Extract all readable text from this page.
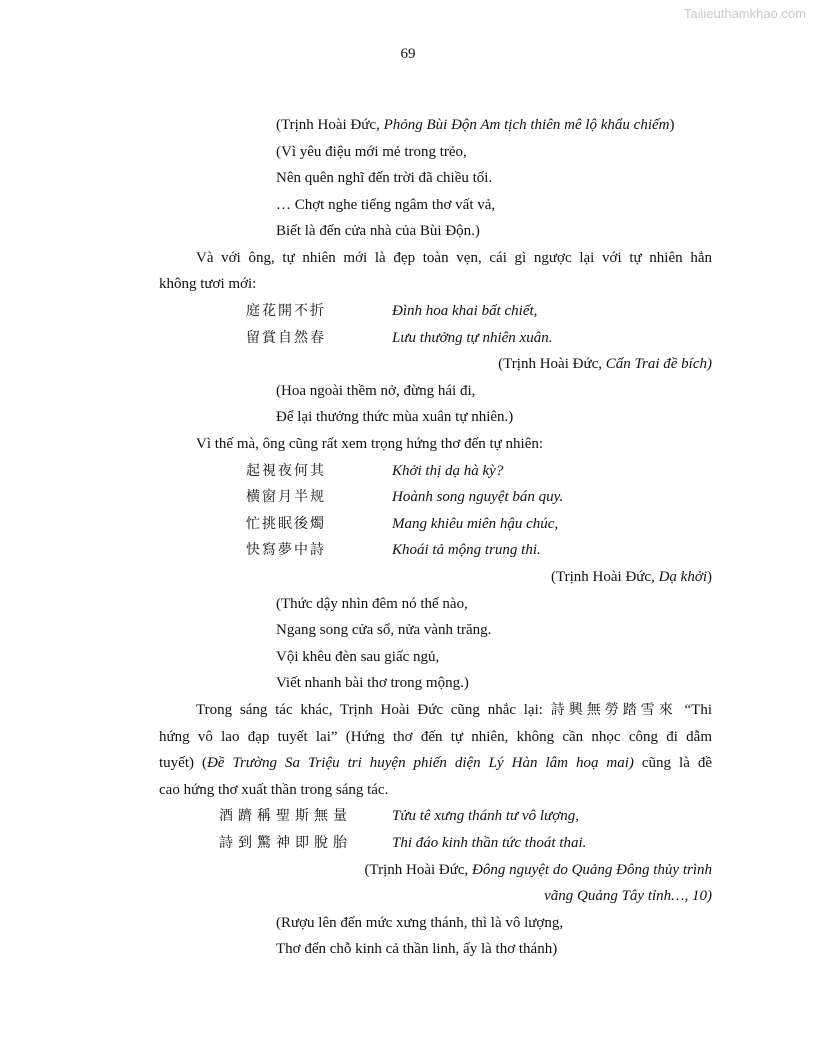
Tailieuthamkhao.com
69
(Trịnh Hoài Đức, Phỏng Bùi Độn Am tịch thiên mê lộ khẩu chiếm)
(Vì yêu điệu mới mẻ trong trẻo,
Nên quên nghĩ đến trời đã chiều tối.
… Chợt nghe tiếng ngâm thơ vất vả,
Biết là đến cửa nhà của Bùi Độn.)
Và với ông, tự nhiên mới là đẹp toàn vẹn, cái gì ngược lại với tự nhiên hẳn
không tươi mới:
庭花開不折	Đình hoa khai bất chiết,
留賞自然春	Lưu thưởng tự nhiên xuân.
(Trịnh Hoài Đức, Cấn Trai đề bích)
(Hoa ngoài thềm nở, đừng hái đi,
Để lại thưởng thức mùa xuân tự nhiên.)
Vì thế mà, ông cũng rất xem trọng hứng thơ đến tự nhiên:
起視夜何其	Khởi thị dạ hà kỳ?
横窗月半规	Hoành song nguyệt bán quy.
忙挑眠後燭	Mang khiêu miên hậu chúc,
快寫夢中詩	Khoái tả mộng trung thi.
(Trịnh Hoài Đức, Dạ khởi)
(Thức dậy nhìn đêm nó thế nào,
Ngang song cửa sổ, nửa vành trăng.
Vội khêu đèn sau giấc ngủ,
Viết nhanh bài thơ trong mộng.)
Trong sáng tác khác, Trịnh Hoài Đức cũng nhắc lại: 詩興無勞踏雪來 “Thi
hứng vô lao đạp tuyết lai” (Hứng thơ đến tự nhiên, không cần nhọc công đi dẫm
tuyết) (Đề Trường Sa Triệu tri huyện phiến diện Lý Hàn lâm hoạ mai) cũng là đề
cao hứng thơ xuất thần trong sáng tác.
酒躋稱聖斯無量	Tửu tê xưng thánh tư vô lượng,
詩到驚神即脫胎	Thi đáo kinh thần tức thoát thai.
(Trịnh Hoài Đức, Đông nguyệt do Quảng Đông thủy trình
vãng Quảng Tây tỉnh…, 10)
(Rượu lên đến mức xưng thánh, thì là vô lượng,
Thơ đến chỗ kinh cả thần linh, ấy là thơ thánh)
